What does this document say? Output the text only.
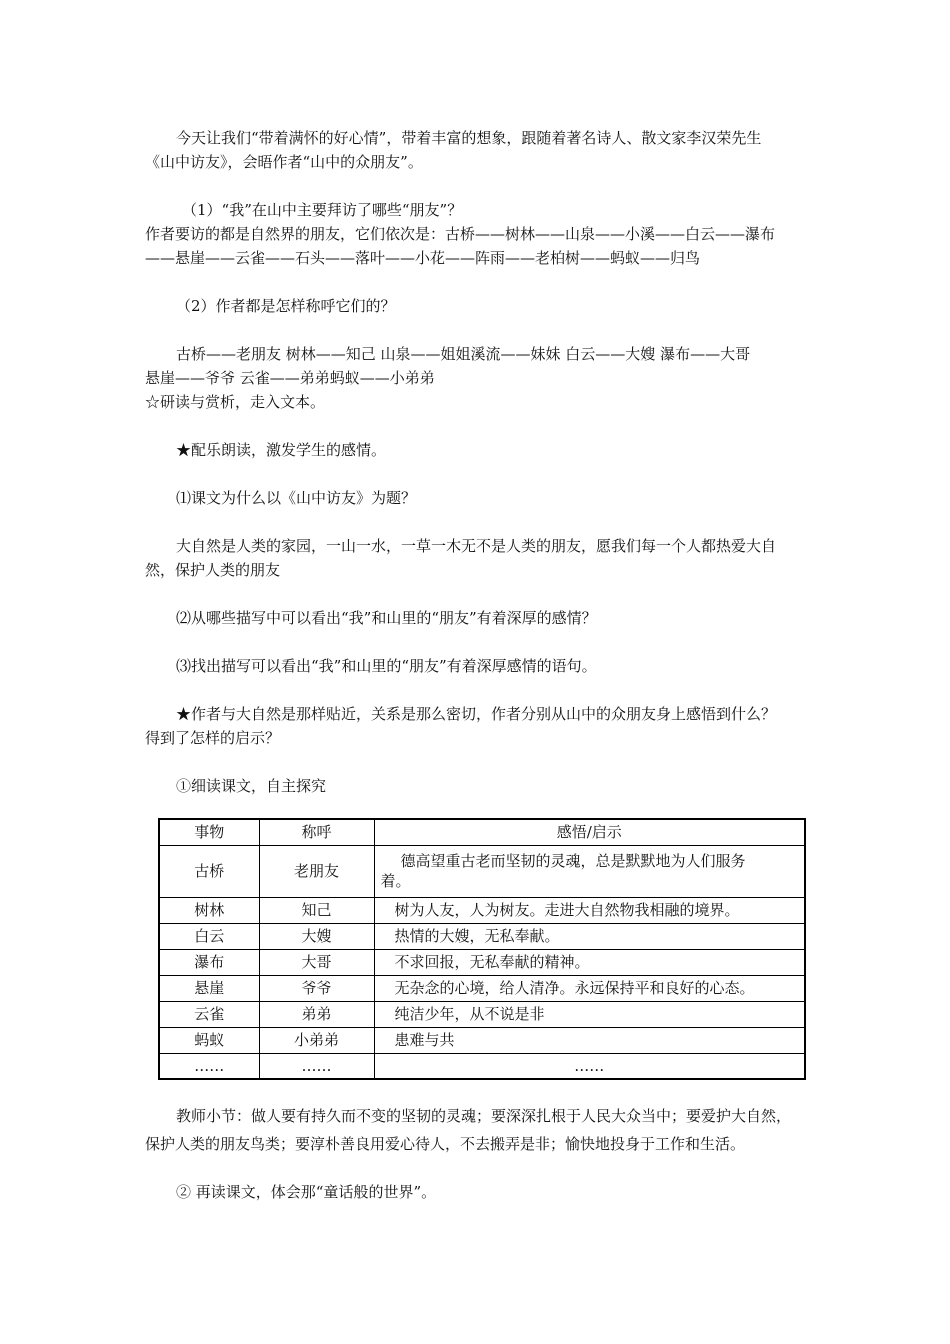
今天让我们“带着满怀的好心情”，带着丰富的想象，跟随着著名诗人、散文家李汉荣先生
《山中访友》，会晤作者“山中的众朋友”。
（1）“我”在山中主要拜访了哪些“朋友”？
作者要访的都是自然界的朋友，它们依次是：古桥——树林——山泉——小溪——白云——瀑布
——悬崖——云雀——石头——落叶——小花——阵雨——老柏树——蚂蚁——归鸟
（2）作者都是怎样称呼它们的？
古桥——老朋友 树林——知己 山泉——姐姐溪流——妹妹 白云——大嫂 瀑布——大哥
悬崖——爷爷 云雀——弟弟蚂蚁——小弟弟
☆研读与赏析，走入文本。
★配乐朗读，激发学生的感情。
⑴课文为什么以《山中访友》为题？
大自然是人类的家园，一山一水，一草一木无不是人类的朋友，愿我们每一个人都热爱大自
然，保护人类的朋友
⑵从哪些描写中可以看出“我”和山里的“朋友”有着深厚的感情？
⑶找出描写可以看出“我”和山里的“朋友”有着深厚感情的语句。
★作者与大自然是那样贴近，关系是那么密切，作者分别从山中的众朋友身上感悟到什么？
得到了怎样的启示？
①细读课文，自主探究
事物	称呼	感悟/启示
古桥	老朋友	德高望重古老而坚韧的灵魂，总是默默地为人们服务
着。

树林	知己	树为人友，人为树友。走进大自然物我相融的境界。
白云	大嫂	热情的大嫂，无私奉献。
瀑布	大哥	不求回报，无私奉献的精神。
悬崖	爷爷	无杂念的心境，给人清净。永远保持平和良好的心态。
云雀	弟弟	纯洁少年，从不说是非
蚂蚁	小弟弟	患难与共
……	……	……
教师小节：做人要有持久而不变的坚韧的灵魂；要深深扎根于人民大众当中；要爱护大自然，
保护人类的朋友鸟类；要淳朴善良用爱心待人，不去搬弄是非；愉快地投身于工作和生活。
② 再读课文，体会那“童话般的世界”。
